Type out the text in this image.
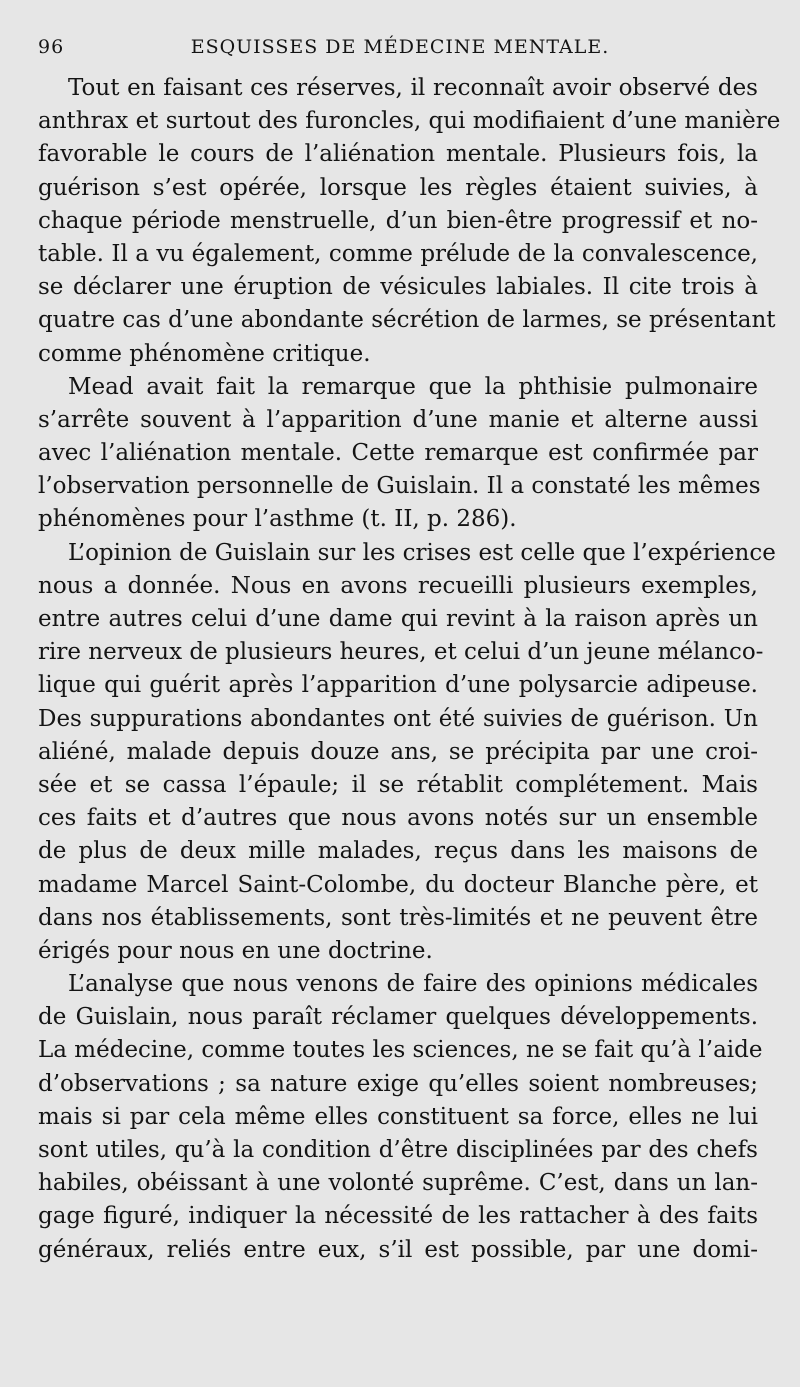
96	ESQUISSES DE MÉDECINE MENTALE.
Tout en faisant ces réserves, il reconnaît avoir observé des
anthrax et surtout des furoncles, qui modifiaient d’une manière
favorable le cours de l’aliénation mentale. Plusieurs fois, la
guérison s’est opérée, lorsque les règles étaient suivies, à
chaque période menstruelle, d’un bien-être progressif et no-
table. Il a vu également, comme prélude de la convalescence,
se déclarer une éruption de vésicules labiales. Il cite trois à
quatre cas d’une abondante sécrétion de larmes, se présentant
comme phénomène critique.
Mead avait fait la remarque que la phthisie pulmonaire
s’arrête souvent à l’apparition d’une manie et alterne aussi
avec l’aliénation mentale. Cette remarque est confirmée par
l’observation personnelle de Guislain. Il a constaté les mêmes
phénomènes pour l’asthme (t. II, p. 286).
L’opinion de Guislain sur les crises est celle que l’expérience
nous a donnée. Nous en avons recueilli plusieurs exemples,
entre autres celui d’une dame qui revint à la raison après un
rire nerveux de plusieurs heures, et celui d’un jeune mélanco-
lique qui guérit après l’apparition d’une polysarcie adipeuse.
Des suppurations abondantes ont été suivies de guérison. Un
aliéné, malade depuis douze ans, se précipita par une croi-
sée et se cassa l’épaule; il se rétablit complétement. Mais
ces faits et d’autres que nous avons notés sur un ensemble
de plus de deux mille malades, reçus dans les maisons de
madame Marcel Saint-Colombe, du docteur Blanche père, et
dans nos établissements, sont très-limités et ne peuvent être
érigés pour nous en une doctrine.
L’analyse que nous venons de faire des opinions médicales
de Guislain, nous paraît réclamer quelques développements.
La médecine, comme toutes les sciences, ne se fait qu’à l’aide
d’observations ; sa nature exige qu’elles soient nombreuses;
mais si par cela même elles constituent sa force, elles ne lui
sont utiles, qu’à la condition d’être disciplinées par des chefs
habiles, obéissant à une volonté suprême. C’est, dans un lan-
gage figuré, indiquer la nécessité de les rattacher à des faits
généraux, reliés entre eux, s’il est possible, par une domi-
